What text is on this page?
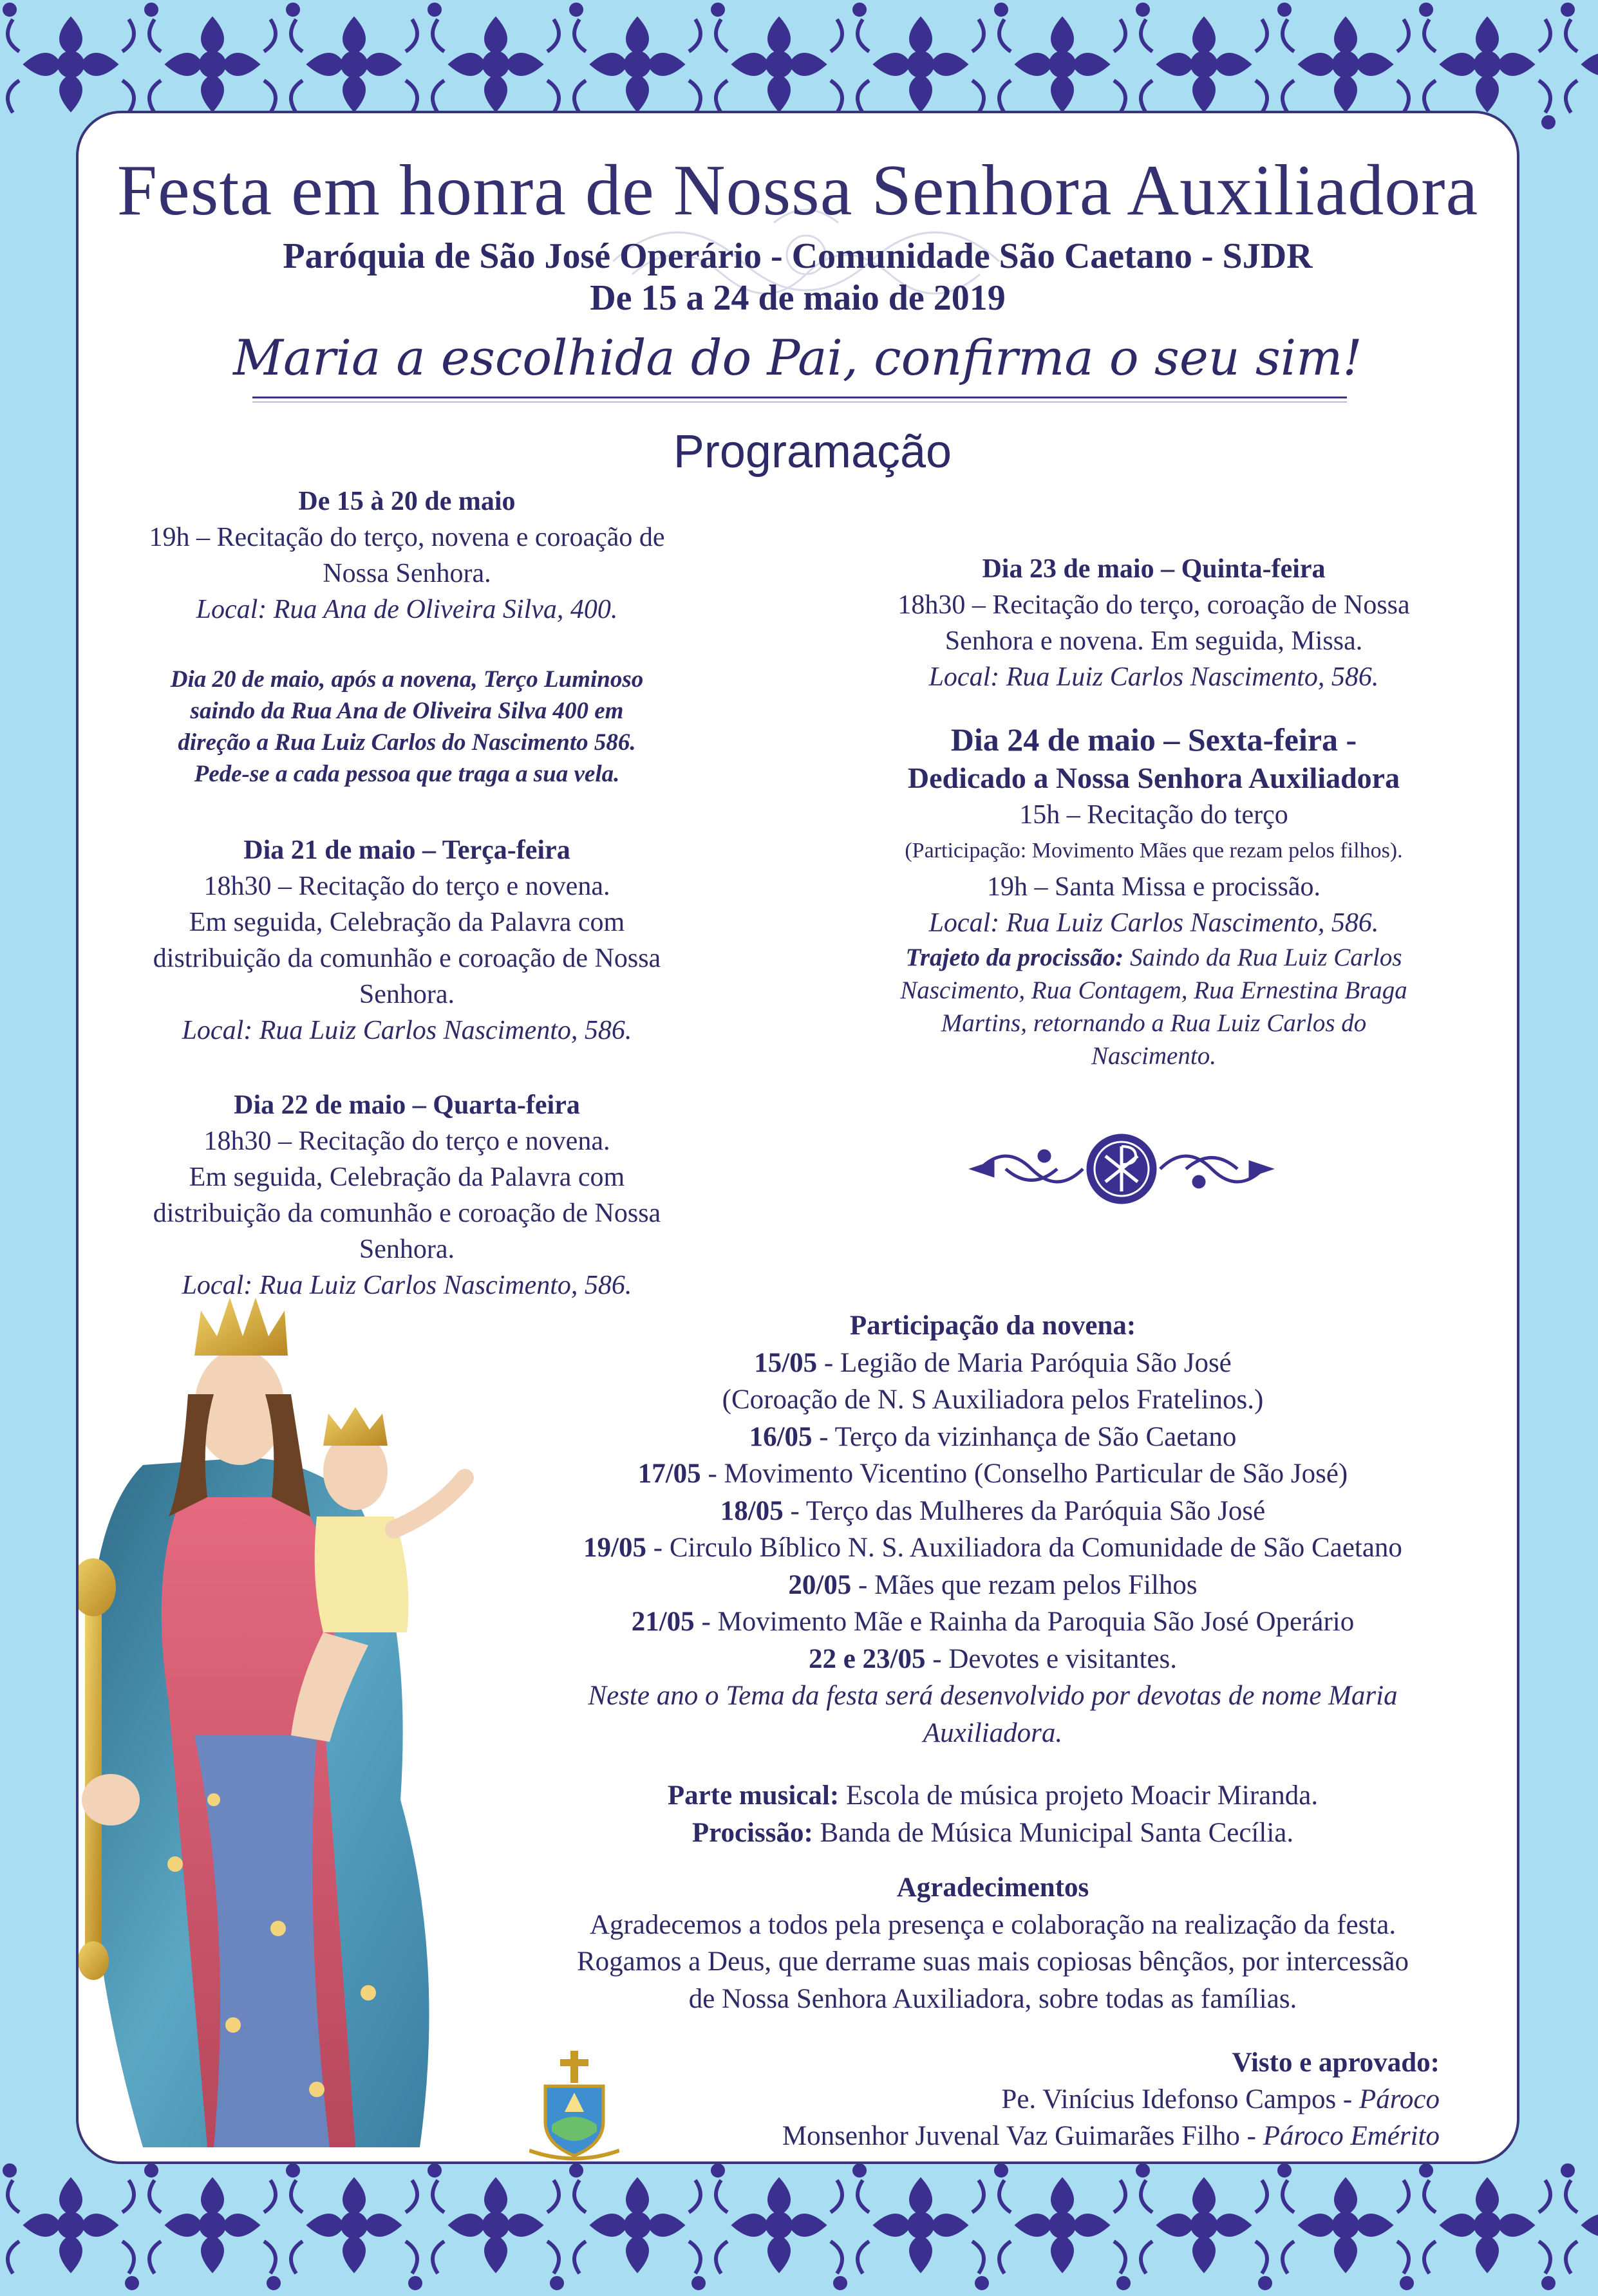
Festa em honra de Nossa Senhora Auxiliadora
Paróquia de São José Operário - Comunidade São Caetano - SJDR
De 15 a 24 de maio de 2019
Maria a escolhida do Pai, confirma o seu sim!
Programação

De 15 à 20 de maio

19h – Recitação do terço, novena e coroação de

Nossa Senhora.

Local: Rua Ana de Oliveira Silva, 400.

Dia 20 de maio, após a novena, Terço Luminoso

saindo da Rua Ana de Oliveira Silva 400 em

direção a Rua Luiz Carlos do Nascimento 586.

Pede-se a cada pessoa que traga a sua vela.

Dia 21 de maio – Terça-feira

18h30 – Recitação do terço e novena.

Em seguida, Celebração da Palavra com

distribuição da comunhão e coroação de Nossa

Senhora.

Local: Rua Luiz Carlos Nascimento, 586.

Dia 22 de maio – Quarta-feira

18h30 – Recitação do terço e novena.

Em seguida, Celebração da Palavra com

distribuição da comunhão e coroação de Nossa

Senhora.

Local: Rua Luiz Carlos Nascimento, 586.

Dia 23 de maio – Quinta-feira

18h30 – Recitação do terço, coroação de Nossa

Senhora e novena. Em seguida, Missa.

Local: Rua Luiz Carlos Nascimento, 586.

Dia 24 de maio – Sexta-feira -

Dedicado a Nossa Senhora Auxiliadora

15h – Recitação do terço

(Participação: Movimento Mães que rezam pelos filhos).

19h – Santa Missa e procissão.

Local: Rua Luiz Carlos Nascimento, 586.

Trajeto da procissão: Saindo da Rua Luiz Carlos

Nascimento, Rua Contagem, Rua Ernestina Braga

Martins, retornando a Rua Luiz Carlos do

Nascimento.

Participação da novena:

15/05 - Legião de Maria Paróquia São José

(Coroação de N. S Auxiliadora pelos Fratelinos.)

16/05 - Terço da vizinhança de São Caetano

17/05 - Movimento Vicentino (Conselho Particular de São José)

18/05 - Terço das Mulheres da Paróquia São José

19/05 - Circulo Bíblico N. S. Auxiliadora da Comunidade de São Caetano

20/05 - Mães que rezam pelos Filhos

21/05 - Movimento Mãe e Rainha da Paroquia São José Operário

22 e 23/05 - Devotes e visitantes.

Neste ano o Tema da festa será desenvolvido por devotas de nome Maria

Auxiliadora.

Parte musical: Escola de música projeto Moacir Miranda.

Procissão: Banda de Música Municipal Santa Cecília.

Agradecimentos

Agradecemos a todos pela presença e colaboração na realização da festa.

Rogamos a Deus, que derrame suas mais copiosas bênçãos, por intercessão

de Nossa Senhora Auxiliadora, sobre todas as famílias.

Visto e aprovado:

Pe. Vinícius Idefonso Campos - Pároco

Monsenhor Juvenal Vaz Guimarães Filho - Pároco Emérito
